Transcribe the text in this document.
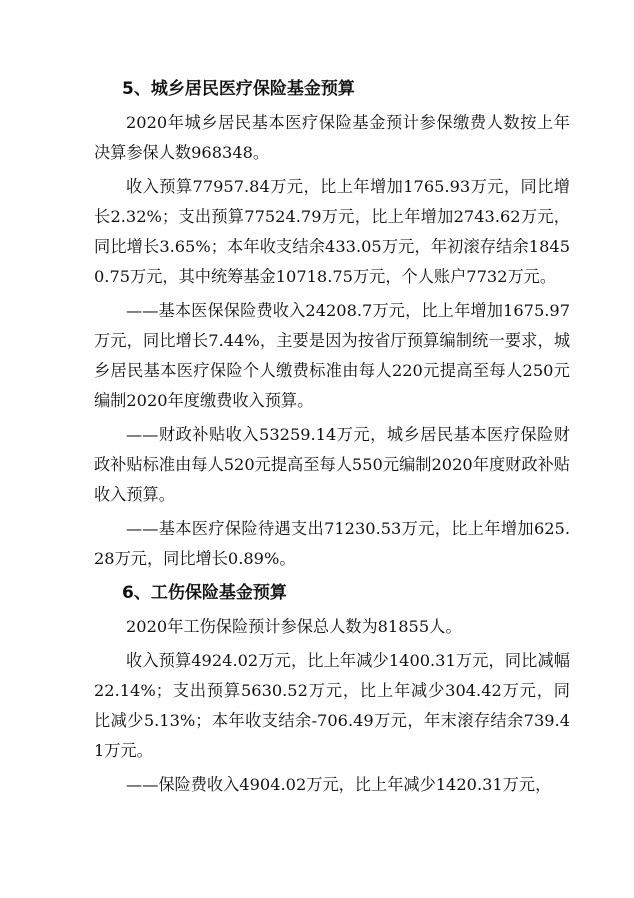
5、城乡居民医疗保险基金预算

2020年城乡居民基本医疗保险基金预计参保缴费人数按上年决算参保人数968348。

收入预算77957.84万元，比上年增加1765.93万元，同比增长2.32%；支出预算77524.79万元，比上年增加2743.62万元，同比增长3.65%；本年收支结余433.05万元，年初滚存结余18450.75万元，其中统筹基金10718.75万元，个人账户7732万元。

——基本医保保险费收入24208.7万元，比上年增加1675.97万元，同比增长7.44%，主要是因为按省厅预算编制统一要求，城乡居民基本医疗保险个人缴费标准由每人220元提高至每人250元编制2020年度缴费收入预算。

——财政补贴收入53259.14万元，城乡居民基本医疗保险财政补贴标准由每人520元提高至每人550元编制2020年度财政补贴收入预算。

——基本医疗保险待遇支出71230.53万元，比上年增加625.28万元，同比增长0.89%。

6、工伤保险基金预算

2020年工伤保险预计参保总人数为81855人。

收入预算4924.02万元，比上年减少1400.31万元，同比减幅22.14%；支出预算5630.52万元，比上年减少304.42万元，同比减少5.13%；本年收支结余-706.49万元，年末滚存结余739.41万元。

——保险费收入4904.02万元，比上年减少1420.31万元，
